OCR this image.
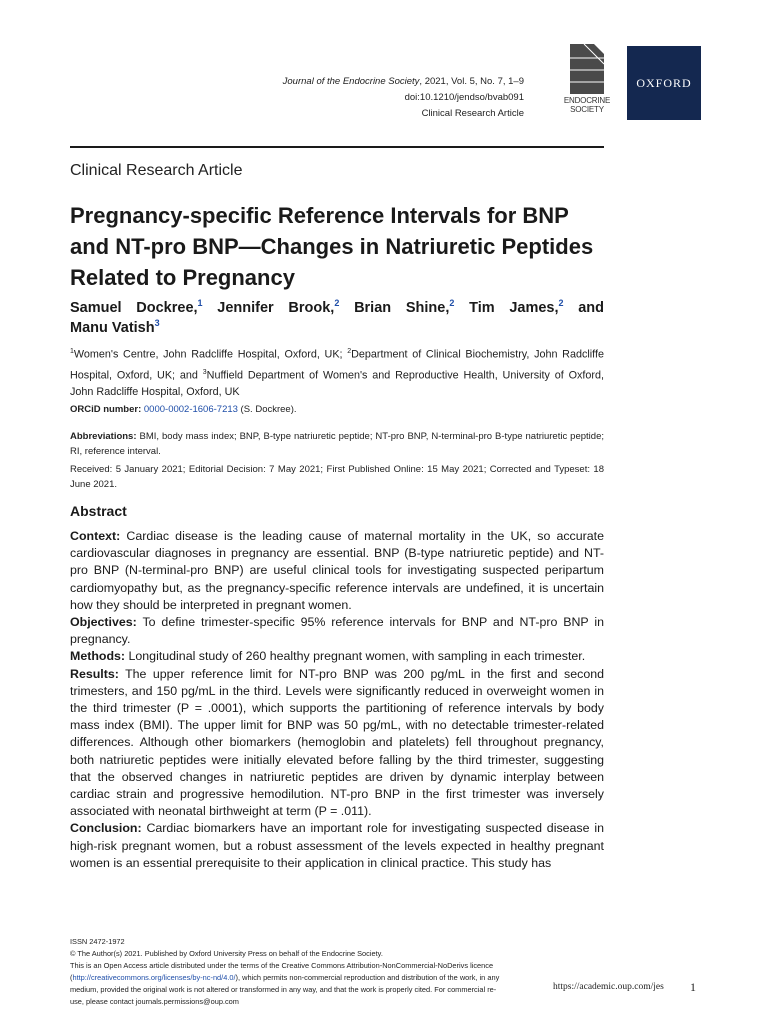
Journal of the Endocrine Society, 2021, Vol. 5, No. 7, 1–9
doi:10.1210/jendso/bvab091
Clinical Research Article
ENDOCRINE SOCIETY
OXFORD
Clinical Research Article
Pregnancy-specific Reference Intervals for BNP and NT-pro BNP—Changes in Natriuretic Peptides Related to Pregnancy
Samuel Dockree,$^1$ Jennifer Brook,$^2$ Brian Shine,$^2$ Tim James,$^2$ and
Manu Vatish$^3$
$^1$Women's Centre, John Radcliffe Hospital, Oxford, UK; $^2$Department of Clinical Biochemistry, John Radcliffe Hospital, Oxford, UK; and $^3$Nuffield Department of Women's and Reproductive Health, University of Oxford, John Radcliffe Hospital, Oxford, UK
ORCiD number: 0000-0002-1606-7213 (S. Dockree).
Abbreviations: BMI, body mass index; BNP, B-type natriuretic peptide; NT-pro BNP, N-terminal-pro B-type natriuretic peptide; RI, reference interval.
Received: 5 January 2021; Editorial Decision: 7 May 2021; First Published Online: 15 May 2021; Corrected and Typeset: 18 June 2021.
Abstract

Context: Cardiac disease is the leading cause of maternal mortality in the UK, so accurate cardiovascular diagnoses in pregnancy are essential. BNP (B-type natriuretic peptide) and NT-pro BNP (N-terminal-pro BNP) are useful clinical tools for investigating suspected peripartum cardiomyopathy but, as the pregnancy-specific reference intervals are undefined, it is uncertain how they should be interpreted in pregnant women.

Objectives: To define trimester-specific 95% reference intervals for BNP and NT-pro BNP in pregnancy.

Methods: Longitudinal study of 260 healthy pregnant women, with sampling in each trimester.

Results: The upper reference limit for NT-pro BNP was 200 pg/mL in the first and second trimesters, and 150 pg/mL in the third. Levels were significantly reduced in overweight women in the third trimester (P = .0001), which supports the partitioning of reference intervals by body mass index (BMI). The upper limit for BNP was 50 pg/mL, with no detectable trimester-related differences. Although other biomarkers (hemoglobin and platelets) fell throughout pregnancy, both natriuretic peptides were initially elevated before falling by the third trimester, suggesting that the observed changes in natriuretic peptides are driven by dynamic interplay between cardiac strain and progressive hemodilution. NT-pro BNP in the first trimester was inversely associated with neonatal birthweight at term (P = .011).

Conclusion: Cardiac biomarkers have an important role for investigating suspected disease in high-risk pregnant women, but a robust assessment of the levels expected in healthy pregnant women is an essential prerequisite to their application in clinical practice. This study has

ISSN 2472-1972

© The Author(s) 2021. Published by Oxford University Press on behalf of the Endocrine Society.

This is an Open Access article distributed under the terms of the Creative Commons Attribution-NonCommercial-NoDerivs licence (http://creativecommons.org/licenses/by-nc-nd/4.0/), which permits non-commercial reproduction and distribution of the work, in any medium, provided the original work is not altered or transformed in any way, and that the work is properly cited. For commercial re-use, please contact journals.permissions@oup.com

https://academic.oup.com/jes 1
